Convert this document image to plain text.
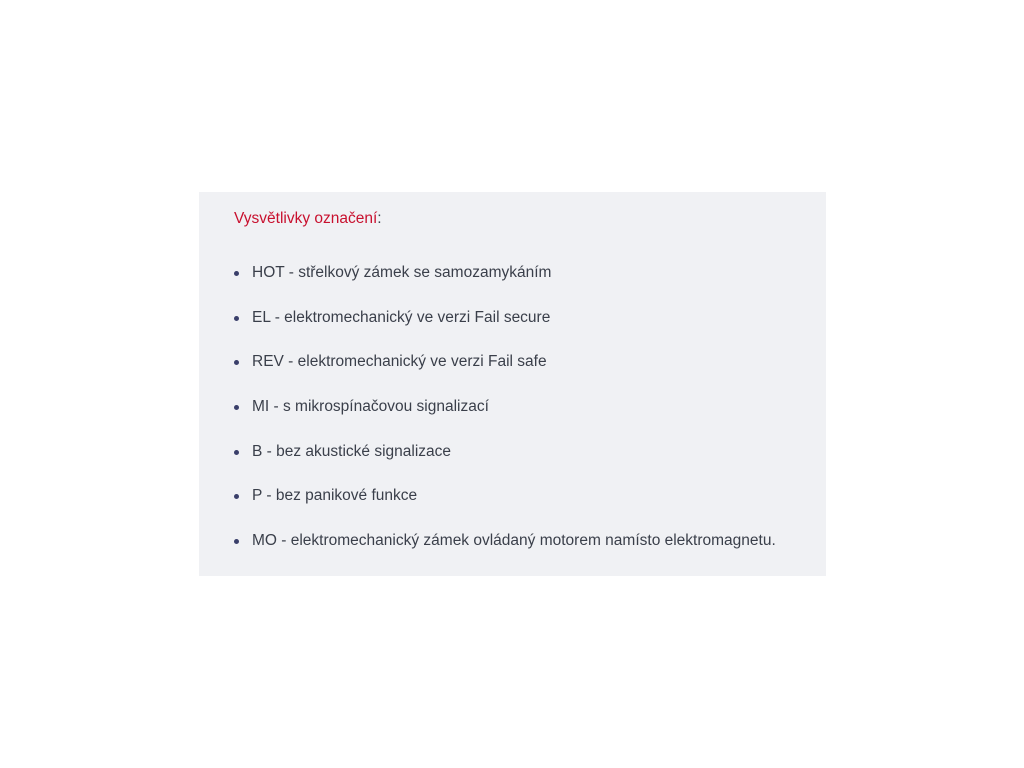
Vysvětlivky označení:

HOT - střelkový zámek se samozamykáním
EL - elektromechanický ve verzi Fail secure
REV - elektromechanický ve verzi Fail safe
MI - s mikrospínačovou signalizací
B - bez akustické signalizace
P - bez panikové funkce
MO - elektromechanický zámek ovládaný motorem namísto elektromagnetu.
